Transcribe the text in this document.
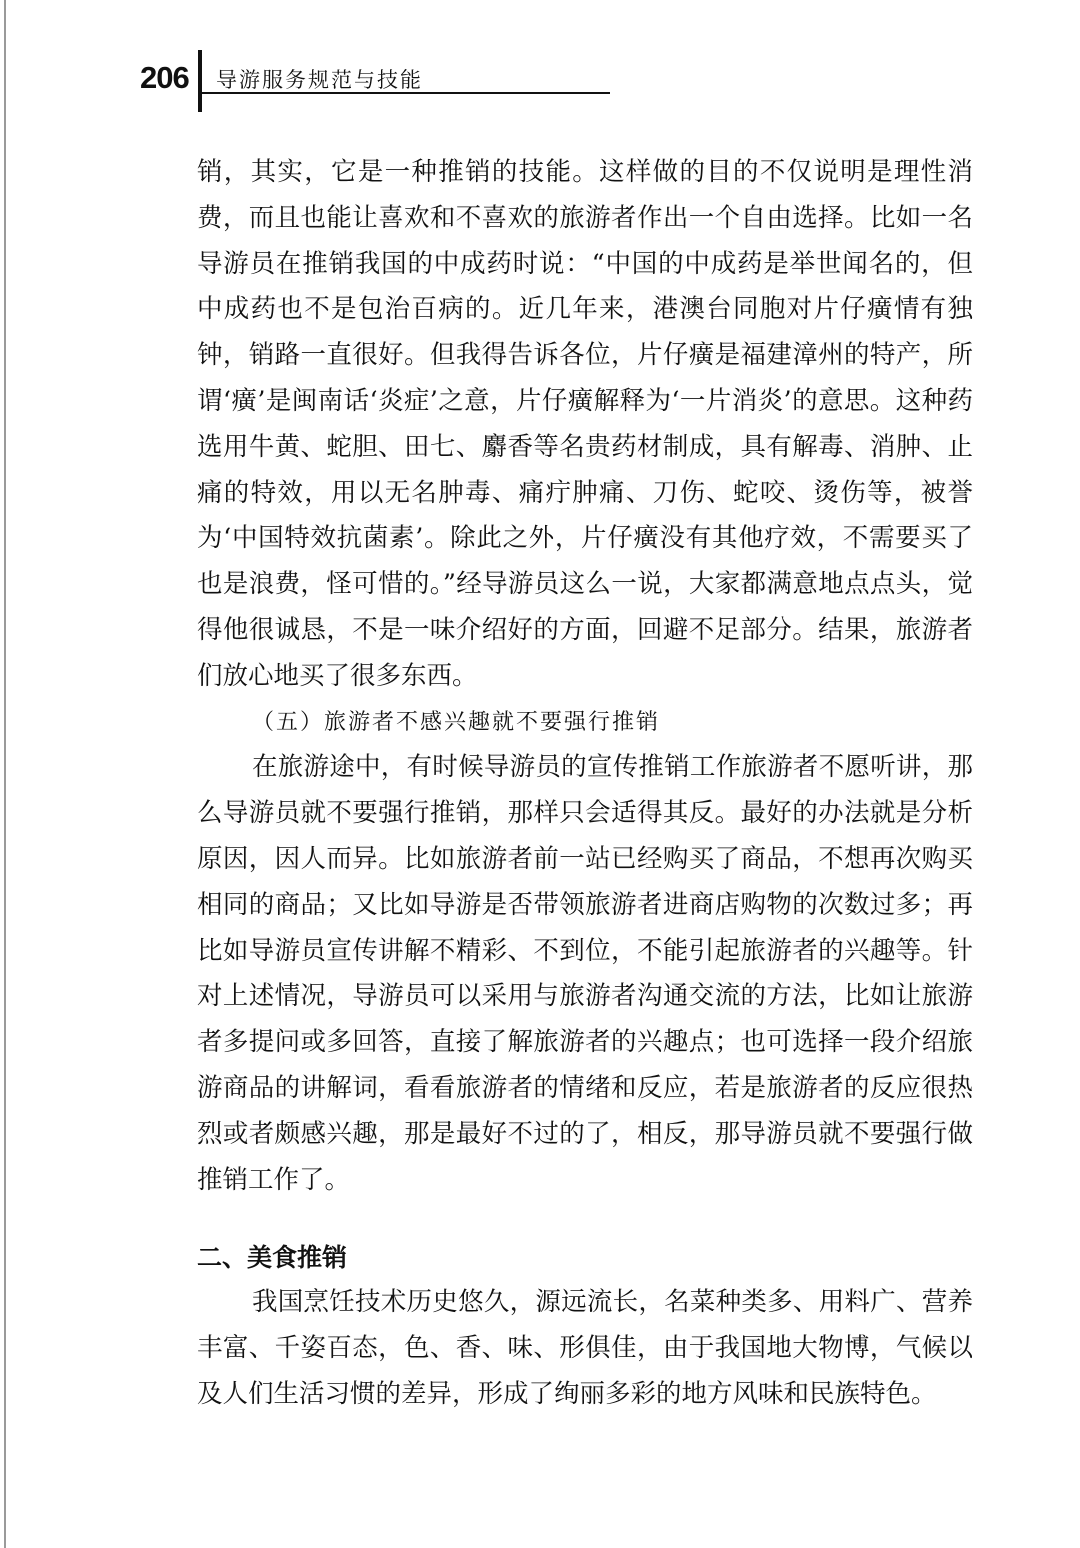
206 导游服务规范与技能

销，其实，它是一种推销的技能。这样做的目的不仅说明是理性消费，而且也能让喜欢和不喜欢的旅游者作出一个自由选择。比如一名导游员在推销我国的中成药时说：“中国的中成药是举世闻名的，但中成药也不是包治百病的。近几年来，港澳台同胞对片仔癀情有独钟，销路一直很好。但我得告诉各位，片仔癀是福建漳州的特产，所谓‘癀’是闽南话‘炎症’之意，片仔癀解释为‘一片消炎’的意思。这种药选用牛黄、蛇胆、田七、麝香等名贵药材制成，具有解毒、消肿、止痛的特效，用以无名肿毒、痛疔肿痛、刀伤、蛇咬、烫伤等，被誉为‘中国特效抗菌素’。除此之外，片仔癀没有其他疗效，不需要买了也是浪费，怪可惜的。”经导游员这么一说，大家都满意地点点头，觉得他很诚恳，不是一味介绍好的方面，回避不足部分。结果，旅游者们放心地买了很多东西。

（五）旅游者不感兴趣就不要强行推销

在旅游途中，有时候导游员的宣传推销工作旅游者不愿听讲，那么导游员就不要强行推销，那样只会适得其反。最好的办法就是分析原因，因人而异。比如旅游者前一站已经购买了商品，不想再次购买相同的商品；又比如导游是否带领旅游者进商店购物的次数过多；再比如导游员宣传讲解不精彩、不到位，不能引起旅游者的兴趣等。针对上述情况，导游员可以采用与旅游者沟通交流的方法，比如让旅游者多提问或多回答，直接了解旅游者的兴趣点；也可选择一段介绍旅游商品的讲解词，看看旅游者的情绪和反应，若是旅游者的反应很热烈或者颇感兴趣，那是最好不过的了，相反，那导游员就不要强行做推销工作了。

二、美食推销

我国烹饪技术历史悠久，源远流长，名菜种类多、用料广、营养丰富、千姿百态，色、香、味、形俱佳，由于我国地大物博，气候以及人们生活习惯的差异，形成了绚丽多彩的地方风味和民族特色。
